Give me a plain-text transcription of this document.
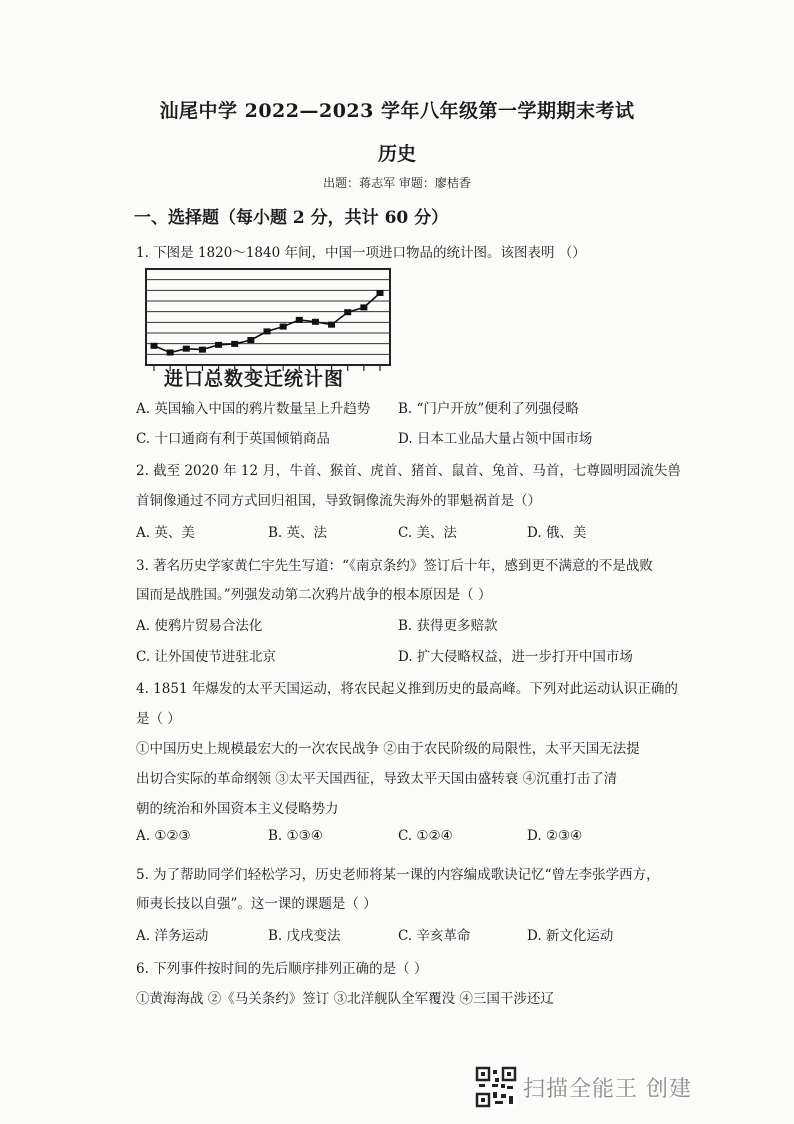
汕尾中学 2022—2023 学年八年级第一学期期末考试
历史
出题：蒋志军 审题：廖桔香
一、选择题（每小题 2 分，共计 60 分）
1. 下图是 1820～1840 年间，中国一项进口物品的统计图。该图表明 （）
进口总数变迁统计图
A. 英国输入中国的鸦片数量呈上升趋势 B. “门户开放”便利了列强侵略
C. 十口通商有利于英国倾销商品	D. 日本工业品大量占领中国市场
2. 截至 2020 年 12 月，牛首、猴首、虎首、猪首、鼠首、兔首、马首，七尊圆明园流失兽
首铜像通过不同方式回归祖国，导致铜像流失海外的罪魁祸首是（）
A. 英、美	B. 英、法	C. 美、法	D. 俄、美
3. 著名历史学家黄仁宇先生写道：“《南京条约》签订后十年，感到更不满意的不是战败
国而是战胜国。”列强发动第二次鸦片战争的根本原因是（ ）
A. 使鸦片贸易合法化	B. 获得更多赔款
C. 让外国使节进驻北京	D. 扩大侵略权益，进一步打开中国市场
4. 1851 年爆发的太平天国运动，将农民起义推到历史的最高峰。下列对此运动认识正确的
是（ ）
①中国历史上规模最宏大的一次农民战争 ②由于农民阶级的局限性，太平天国无法提
出切合实际的革命纲领 ③太平天国西征，导致太平天国由盛转衰 ④沉重打击了清
朝的统治和外国资本主义侵略势力
A. ①②③	B. ①③④	C. ①②④	D. ②③④
5. 为了帮助同学们轻松学习，历史老师将某一课的内容编成歌诀记忆“曾左李张学西方，
师夷长技以自强”。这一课的课题是（ ）
A. 洋务运动	B. 戊戌变法	C. 辛亥革命	D. 新文化运动
6. 下列事件按时间的先后顺序排列正确的是（ ）
①黄海海战 ②《马关条约》签订 ③北洋舰队全军覆没 ④三国干涉还辽
扫描全能王 创建
